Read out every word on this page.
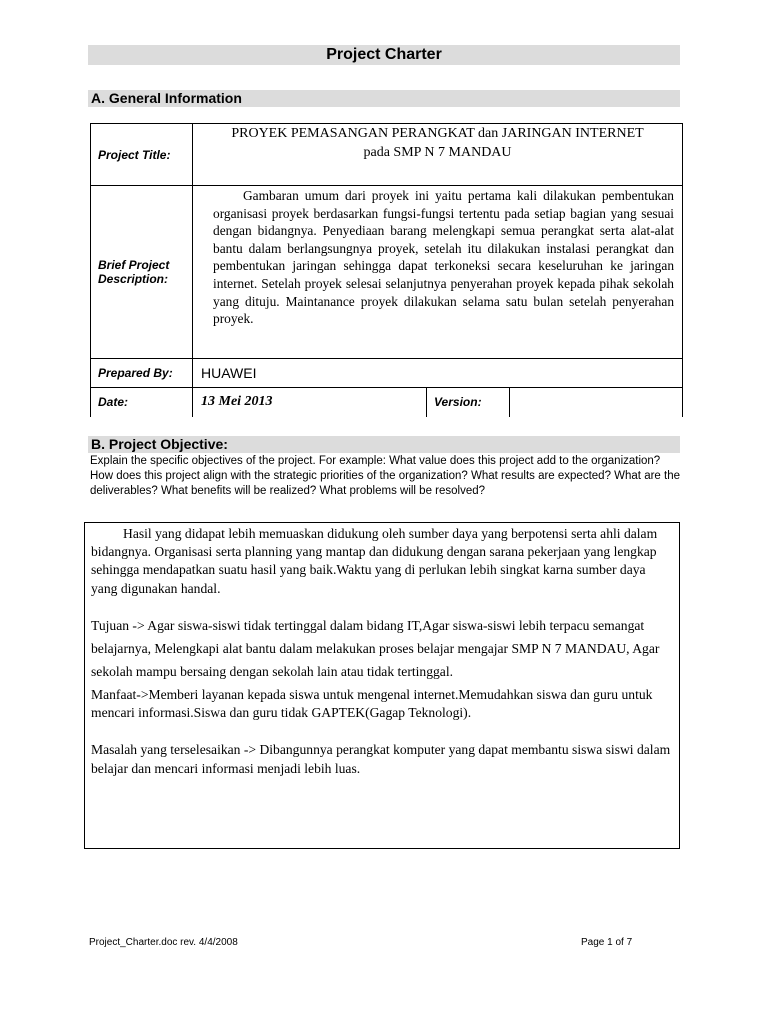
Project Charter
A. General Information
Project Title:	PROYEK PEMASANGAN PERANGKAT dan JARINGAN INTERNET
pada SMP N 7 MANDAU		

Brief Project
Description:	Gambaran umum dari proyek ini yaitu pertama kali dilakukan pembentukan organisasi proyek berdasarkan fungsi-fungsi tertentu pada setiap bagian yang sesuai dengan bidangnya. Penyediaan barang melengkapi semua perangkat serta alat-alat bantu dalam berlangsungnya proyek, setelah itu dilakukan instalasi perangkat dan pembentukan jaringan sehingga dapat terkoneksi secara keseluruhan ke jaringan internet. Setelah proyek selesai selanjutnya penyerahan proyek kepada pihak sekolah yang dituju. Maintanance proyek dilakukan selama satu bulan setelah penyerahan proyek.		
Prepared By:	HUAWEI		
Date:	13 Mei 2013	Version:	
B. Project Objective:
Explain the specific objectives of the project. For example: What value does this project add to the organization? How does this project align with the strategic priorities of the organization? What results are expected? What are the deliverables? What benefits will be realized? What problems will be resolved?

Hasil yang didapat lebih memuaskan didukung oleh sumber daya yang berpotensi serta ahli dalam bidangnya. Organisasi serta planning yang mantap dan didukung dengan sarana pekerjaan yang lengkap sehingga mendapatkan suatu hasil yang baik.Waktu yang di perlukan lebih singkat karna sumber daya yang digunakan handal.

Tujuan -> Agar siswa-siswi tidak tertinggal dalam bidang IT,Agar siswa-siswi lebih terpacu semangat belajarnya, Melengkapi alat bantu dalam melakukan proses belajar mengajar SMP N 7 MANDAU, Agar sekolah mampu bersaing dengan sekolah lain atau tidak tertinggal.

Manfaat->Memberi layanan kepada siswa untuk mengenal internet.Memudahkan siswa dan guru untuk mencari informasi.Siswa dan guru tidak GAPTEK(Gagap Teknologi).

Masalah yang terselesaikan -> Dibangunnya perangkat komputer yang dapat membantu siswa siswi dalam belajar dan mencari informasi menjadi lebih luas.

Project_Charter.doc rev. 4/4/2008	Page 1 of 7
